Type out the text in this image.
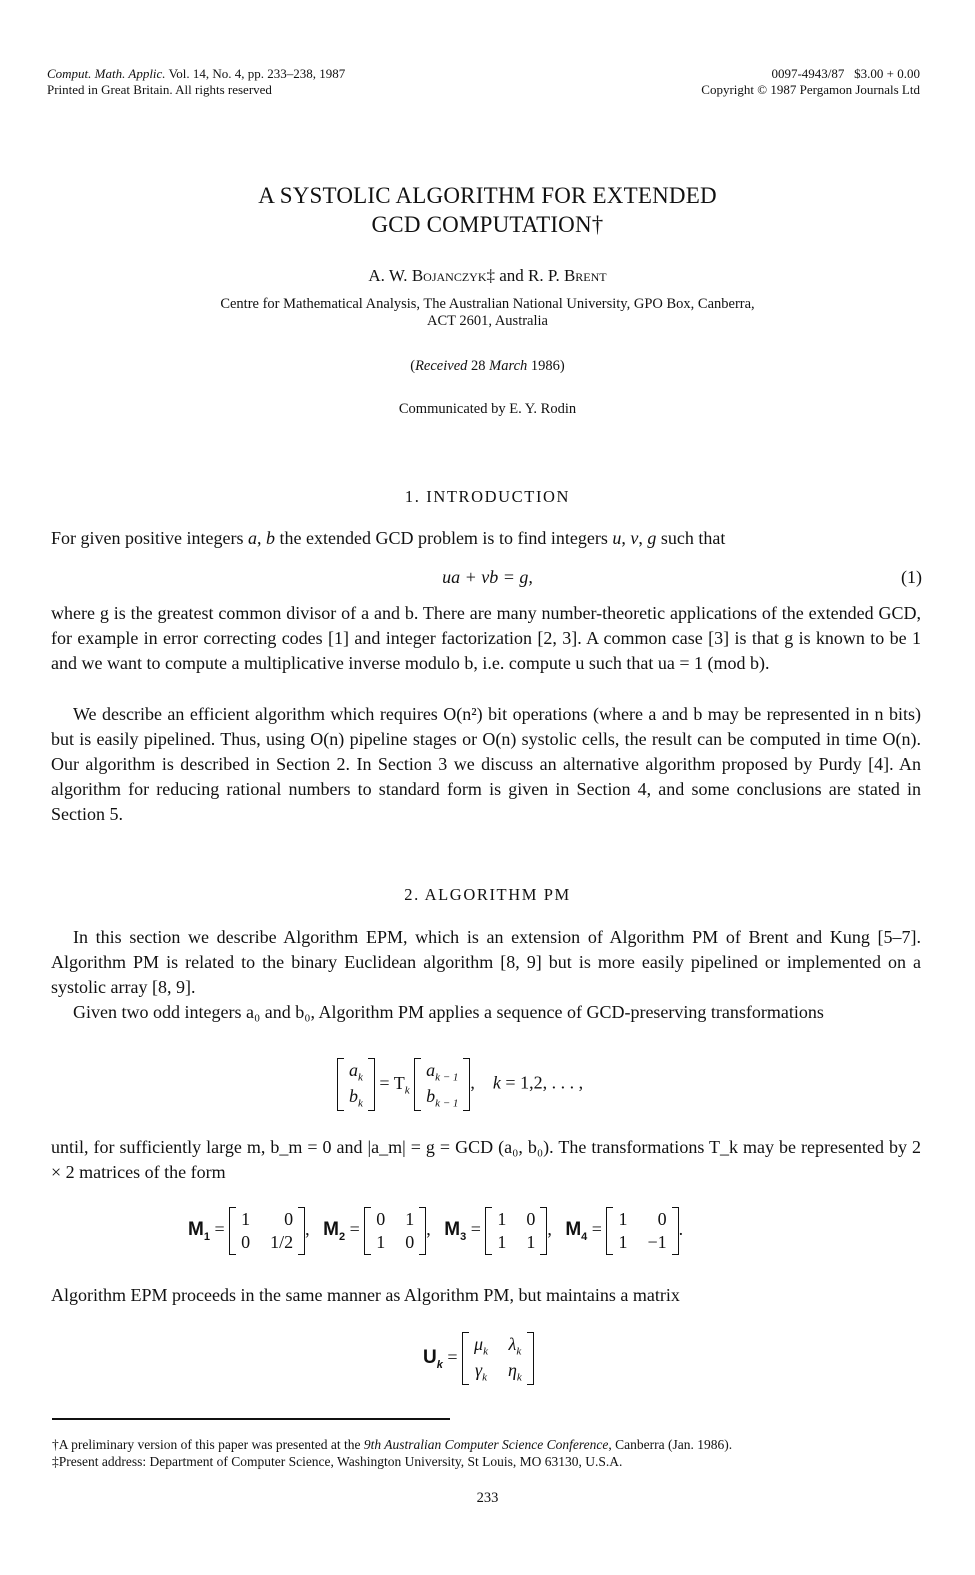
Comput. Math. Applic. Vol. 14, No. 4, pp. 233–238, 1987
Printed in Great Britain. All rights reserved
0097-4943/87   $3.00 + 0.00
Copyright © 1987 Pergamon Journals Ltd
A SYSTOLIC ALGORITHM FOR EXTENDED
GCD COMPUTATION†
A. W. Bojanczyk‡ and R. P. Brent
Centre for Mathematical Analysis, The Australian National University, GPO Box, Canberra,
ACT 2601, Australia
(Received 28 March 1986)
Communicated by E. Y. Rodin
1. INTRODUCTION

For given positive integers a, b the extended GCD problem is to find integers u, v, g such that

ua + vb = g,	(1)

where g is the greatest common divisor of a and b. There are many number-theoretic applications of the extended GCD, for example in error correcting codes [1] and integer factorization [2, 3]. A common case [3] is that g is known to be 1 and we want to compute a multiplicative inverse modulo b, i.e. compute u such that ua = 1 (mod b).

We describe an efficient algorithm which requires O(n²) bit operations (where a and b may be represented in n bits) but is easily pipelined. Thus, using O(n) pipeline stages or O(n) systolic cells, the result can be computed in time O(n). Our algorithm is described in Section 2. In Section 3 we discuss an alternative algorithm proposed by Purdy [4]. An algorithm for reducing rational numbers to standard form is given in Section 4, and some conclusions are stated in Section 5.

2. ALGORITHM PM

In this section we describe Algorithm EPM, which is an extension of Algorithm PM of Brent and Kung [5–7]. Algorithm PM is related to the binary Euclidean algorithm [8, 9] but is more easily pipelined or implemented on a systolic array [8, 9].

Given two odd integers a₀ and b₀, Algorithm PM applies a sequence of GCD-preserving transformations

$a_k$
$b_k$
= $T_k$
$a_{k - 1}$
$b_{k - 1}$
,    k = 1,2, . . . ,

until, for sufficiently large m, b_m = 0 and |a_m| = g = GCD (a₀, b₀). The transformations T_k may be represented by 2 × 2 matrices of the form

$M_1$ =
1	0
0 1/2
, $M_2$ =
0 1
1 0
, $M_3$ =
1 0
1 1
, $M_4$ =
1	0
1 −1
.

Algorithm EPM proceeds in the same manner as Algorithm PM, but maintains a matrix

$U_k$ =
$\mu_k$ $\lambda_k$
$\gamma_k$ $\eta_k$
†A preliminary version of this paper was presented at the 9th Australian Computer Science Conference, Canberra (Jan. 1986).
‡Present address: Department of Computer Science, Washington University, St Louis, MO 63130, U.S.A.
233
